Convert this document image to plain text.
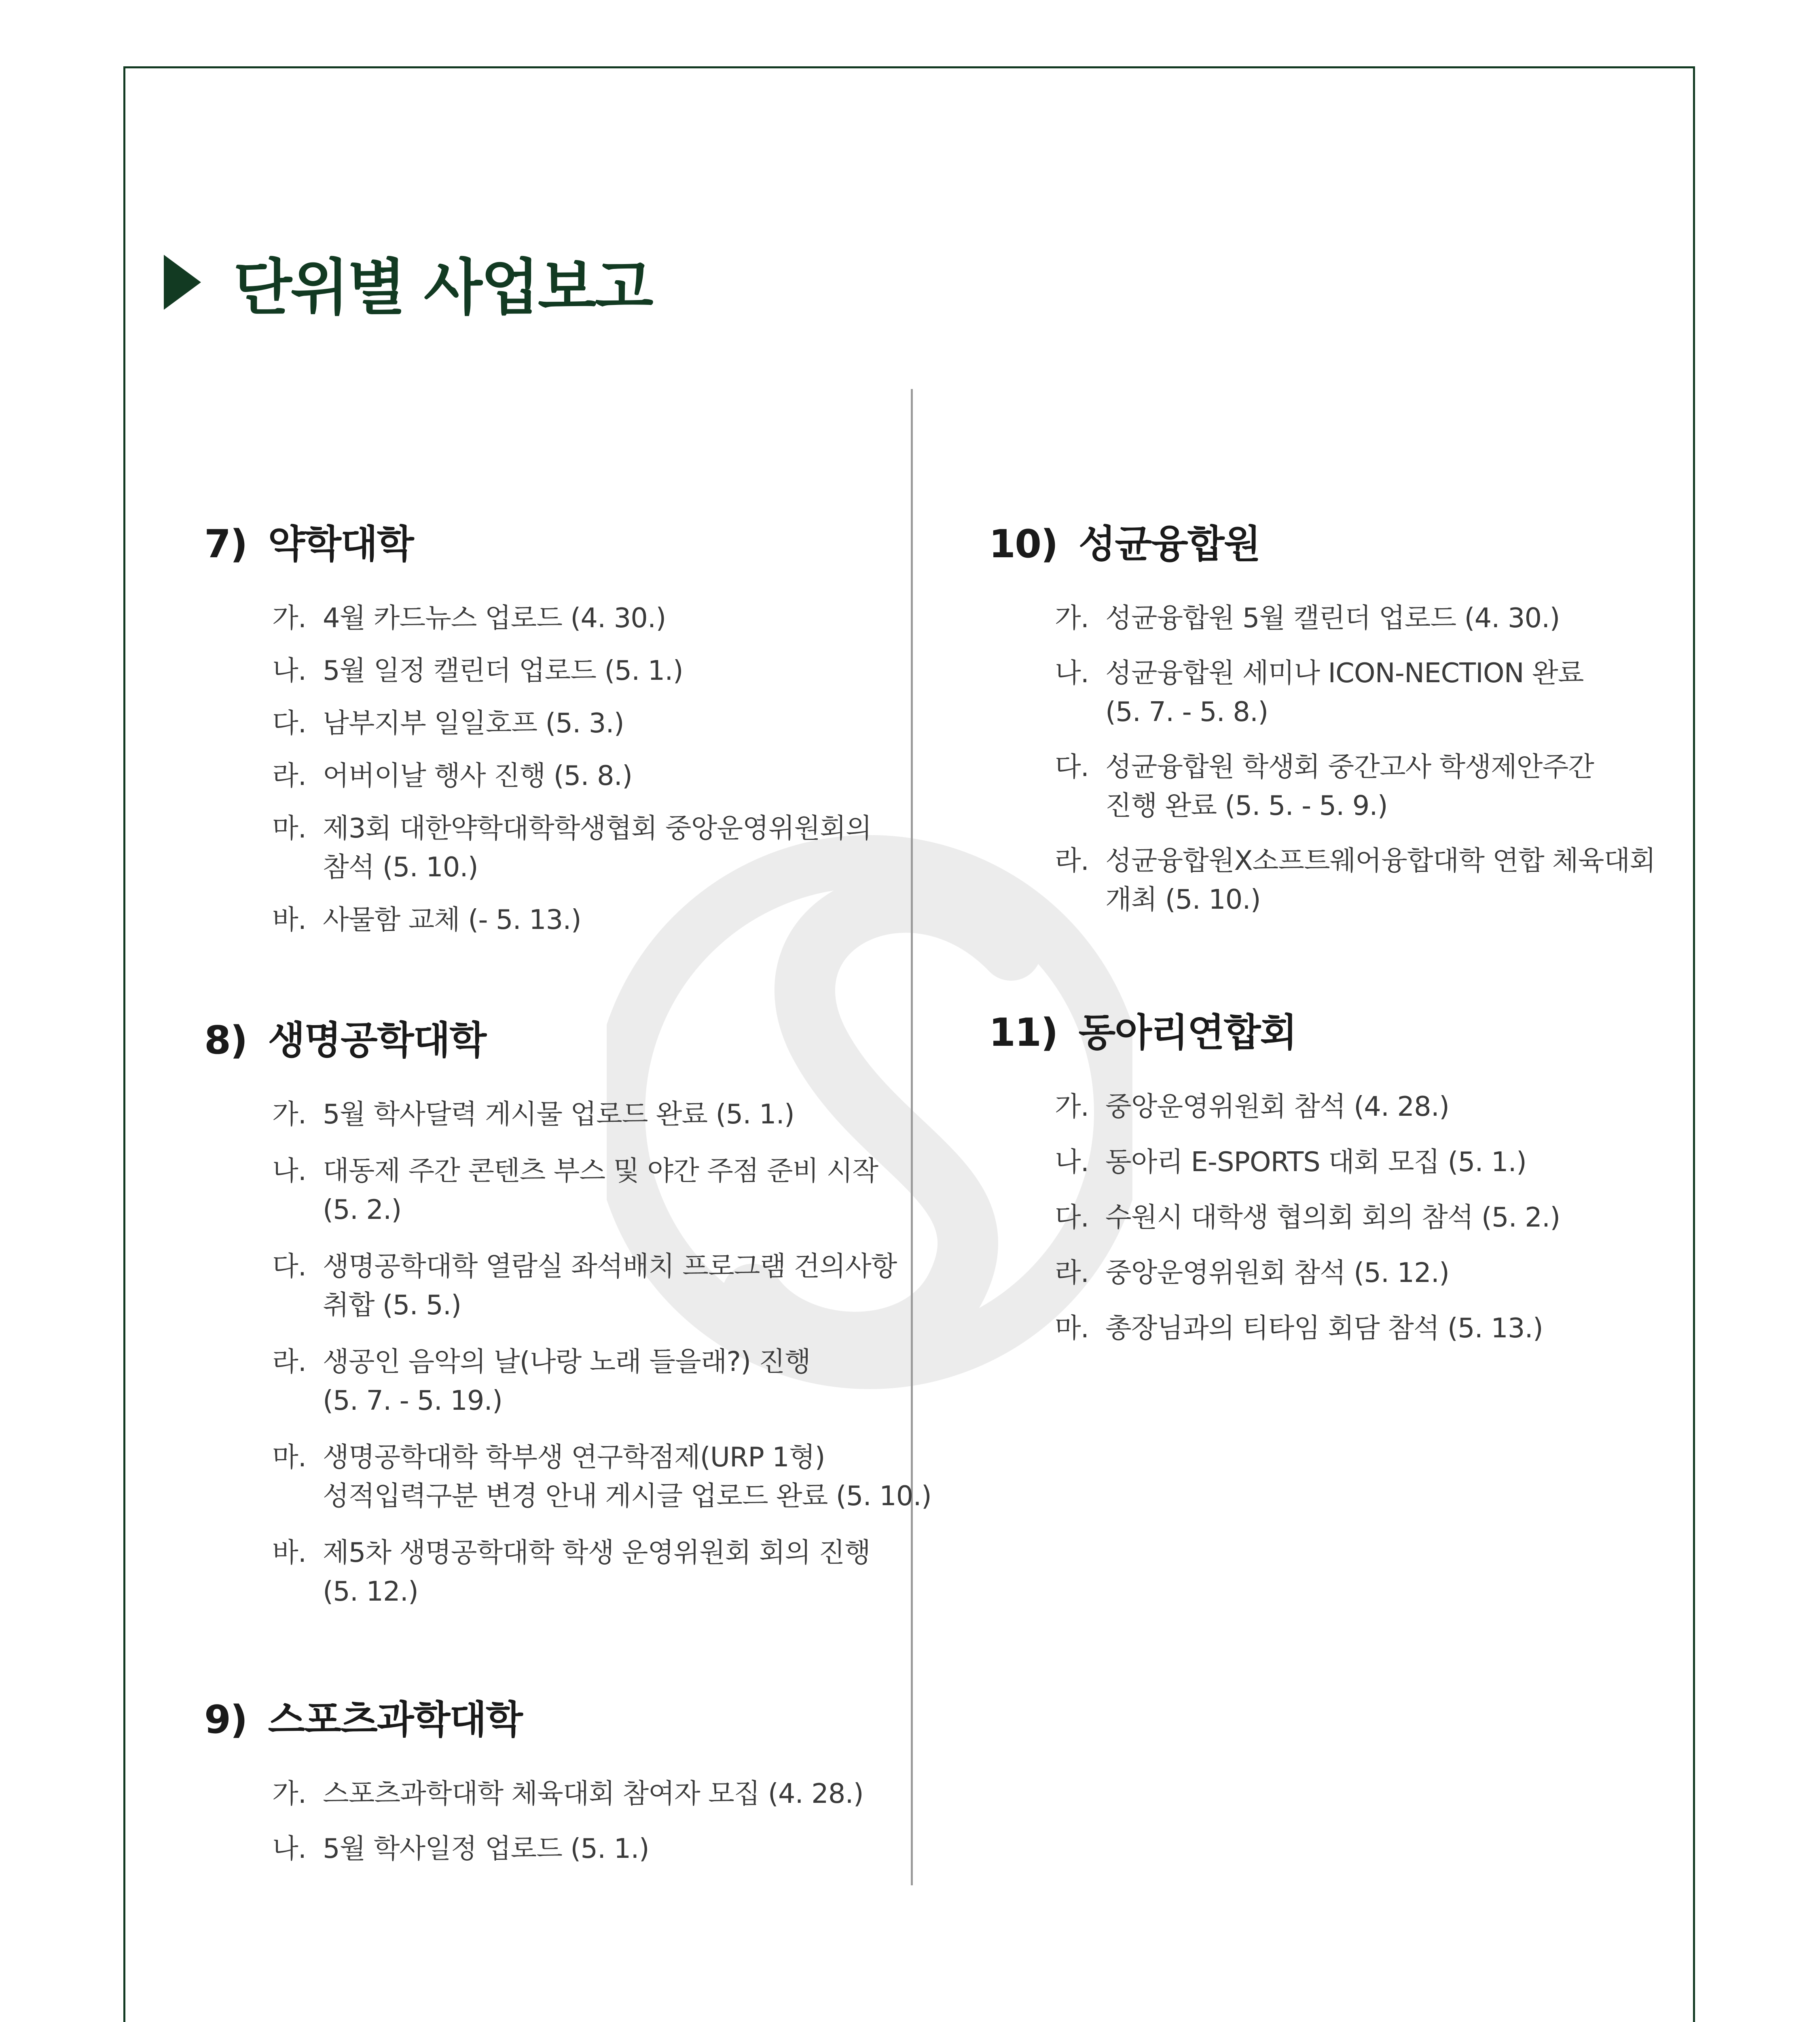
단위별 사업보고
7) 약학대학
가. 4월 카드뉴스 업로드 (4. 30.)
나. 5월 일정 캘린더 업로드 (5. 1.)
다. 남부지부 일일호프 (5. 3.)
라. 어버이날 행사 진행 (5. 8.)
마. 제3회 대한약학대학학생협회 중앙운영위원회의
참석 (5. 10.)
바. 사물함 교체 (- 5. 13.)
8) 생명공학대학
가. 5월 학사달력 게시물 업로드 완료 (5. 1.)
나. 대동제 주간 콘텐츠 부스 및 야간 주점 준비 시작
(5. 2.)
다. 생명공학대학 열람실 좌석배치 프로그램 건의사항
취합 (5. 5.)
라. 생공인 음악의 날(나랑 노래 들을래?) 진행
(5. 7. - 5. 19.)
마. 생명공학대학 학부생 연구학점제(URP 1형)
성적입력구분 변경 안내 게시글 업로드 완료 (5. 10.)
바. 제5차 생명공학대학 학생 운영위원회 회의 진행
(5. 12.)
9) 스포츠과학대학
가. 스포츠과학대학 체육대회 참여자 모집 (4. 28.)
나. 5월 학사일정 업로드 (5. 1.)
10) 성균융합원
가. 성균융합원 5월 캘린더 업로드 (4. 30.)
나. 성균융합원 세미나 ICON-NECTION 완료
(5. 7. - 5. 8.)
다. 성균융합원 학생회 중간고사 학생제안주간
진행 완료 (5. 5. - 5. 9.)
라. 성균융합원X소프트웨어융합대학 연합 체육대회
개최 (5. 10.)
11) 동아리연합회
가. 중앙운영위원회 참석 (4. 28.)
나. 동아리 E-SPORTS 대회 모집 (5. 1.)
다. 수원시 대학생 협의회 회의 참석 (5. 2.)
라. 중앙운영위원회 참석 (5. 12.)
마. 총장님과의 티타임 회담 참석 (5. 13.)
